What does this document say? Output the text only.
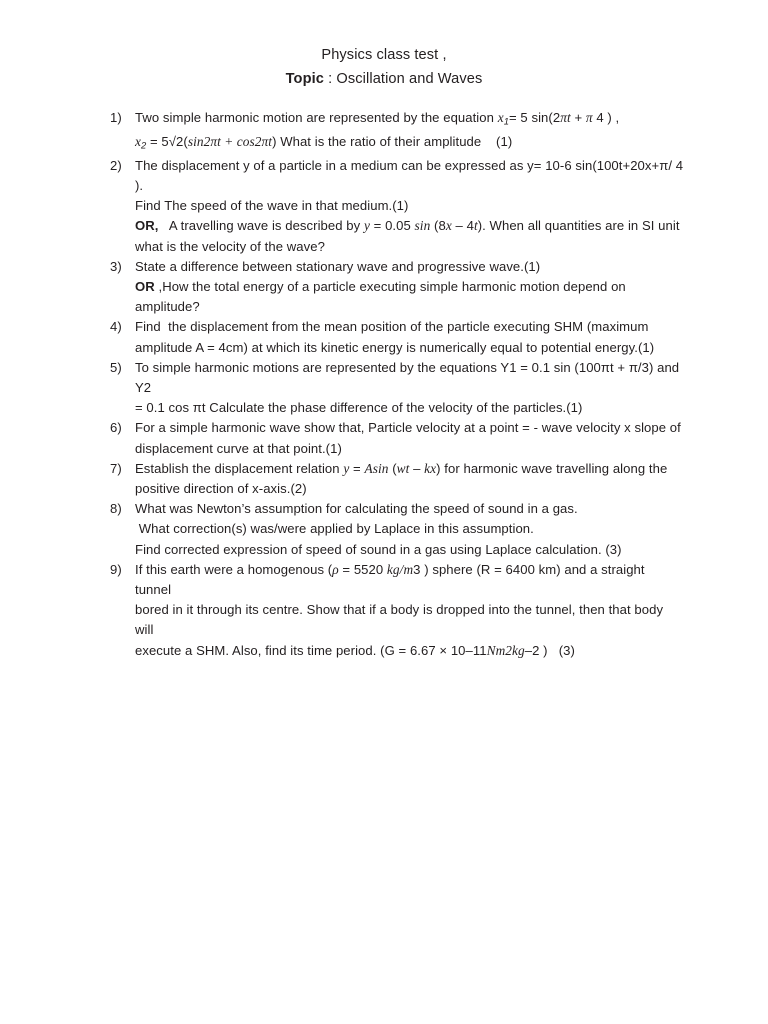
Physics class test ,
Topic : Oscillation and Waves
1)	Two simple harmonic motion are represented by the equation $x_1= 5$ sin(2πt + π 4 ) ,
$x_2 = 5√2(\sin 2\pi t + \cos 2\pi t)$ What is the ratio of their amplitude    (1)
2)	The displacement y of a particle in a medium can be expressed as y= 10-6 sin(100t+20x+π/ 4 ).
Find The speed of the wave in that medium.(1)
OR,   A travelling wave is described by y = 0.05 sin (8x – 4t). When all quantities are in SI unit
what is the velocity of the wave?
3)	State a difference between stationary wave and progressive wave.(1)
OR ,How the total energy of a particle executing simple harmonic motion depend on amplitude?
4)	Find  the displacement from the mean position of the particle executing SHM (maximum
amplitude A = 4cm) at which its kinetic energy is numerically equal to potential energy.(1)
5)	To simple harmonic motions are represented by the equations Y1 = 0.1 sin (100πt + π/3) and Y2
= 0.1 cos πt Calculate the phase difference of the velocity of the particles.(1)
6)	For a simple harmonic wave show that, Particle velocity at a point = - wave velocity x slope of
displacement curve at that point.(1)
7)	Establish the displacement relation y = Asin (wt – kx) for harmonic wave travelling along the
positive direction of x-axis.(2)
8)	What was Newton’s assumption for calculating the speed of sound in a gas.
What correction(s) was/were applied by Laplace in this assumption.
Find corrected expression of speed of sound in a gas using Laplace calculation. (3)
9)	If this earth were a homogenous (ρ = 5520 kg/m3 ) sphere (R = 6400 km) and a straight tunnel
bored in it through its centre. Show that if a body is dropped into the tunnel, then that body will
execute a SHM. Also, find its time period. (G = 6.67 × 10–11Nm2kg–2 )   (3)
